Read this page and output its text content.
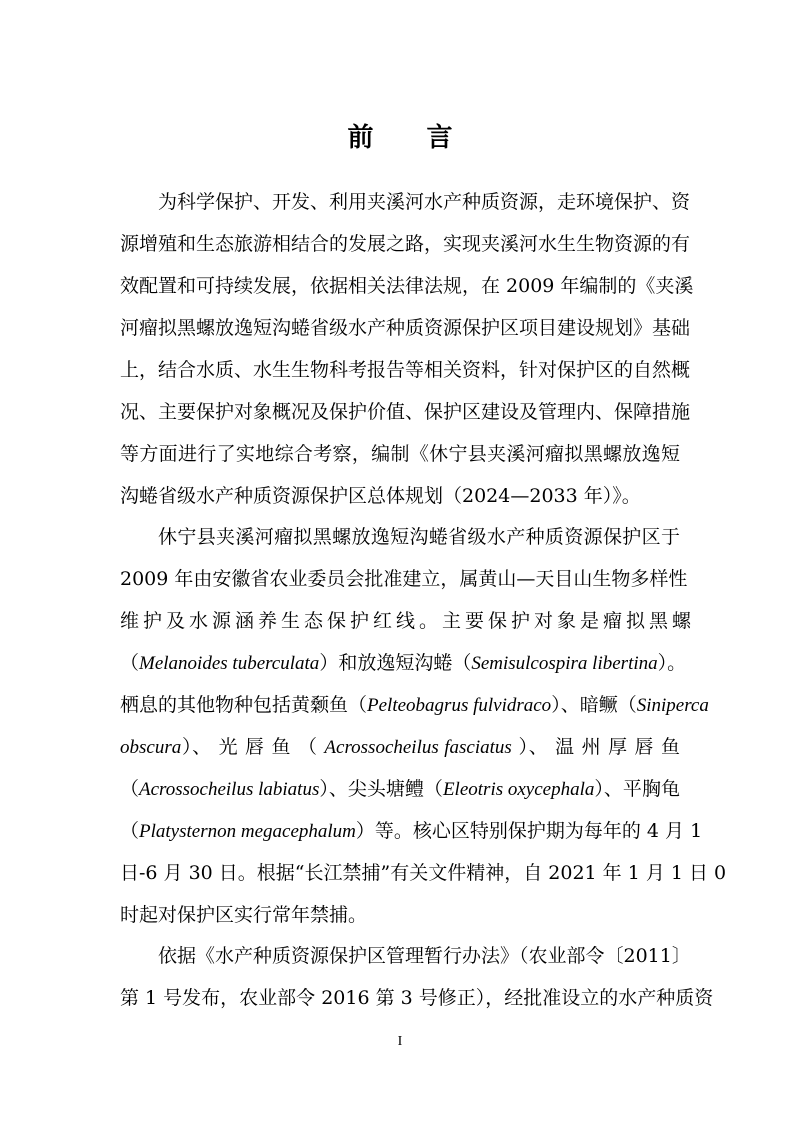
前 言
为科学保护、开发、利用夹溪河水产种质资源，走环境保护、资
源增殖和生态旅游相结合的发展之路，实现夹溪河水生生物资源的有
效配置和可持续发展，依据相关法律法规，在 2009 年编制的《夹溪
河瘤拟黑螺放逸短沟蜷省级水产种质资源保护区项目建设规划》基础
上，结合水质、水生生物科考报告等相关资料，针对保护区的自然概
况、主要保护对象概况及保护价值、保护区建设及管理内、保障措施
等方面进行了实地综合考察，编制《休宁县夹溪河瘤拟黑螺放逸短
沟蜷省级水产种质资源保护区总体规划（2024—2033 年）》。
休宁县夹溪河瘤拟黑螺放逸短沟蜷省级水产种质资源保护区于
2009 年由安徽省农业委员会批准建立，属黄山—天目山生物多样性
维护及水源涵养生态保护红线。主要保护对象是瘤拟黑螺
（Melanoides tuberculata）和放逸短沟蜷（Semisulcospira libertina）。
栖息的其他物种包括黄颡鱼（Pelteobagrus fulvidraco）、暗鳜（Siniperca
obscura）、 光 唇 鱼 （ Acrossocheilus fasciatus ）、 温 州 厚 唇 鱼
（Acrossocheilus labiatus）、尖头塘鳢（Eleotris oxycephala）、平胸龟
（Platysternon megacephalum）等。核心区特别保护期为每年的 4 月 1
日-6 月 30 日。根据“长江禁捕”有关文件精神，自 2021 年 1 月 1 日 0
时起对保护区实行常年禁捕。
依据《水产种质资源保护区管理暂行办法》（农业部令〔2011〕
第 1 号发布，农业部令 2016 第 3 号修正），经批准设立的水产种质资
I
